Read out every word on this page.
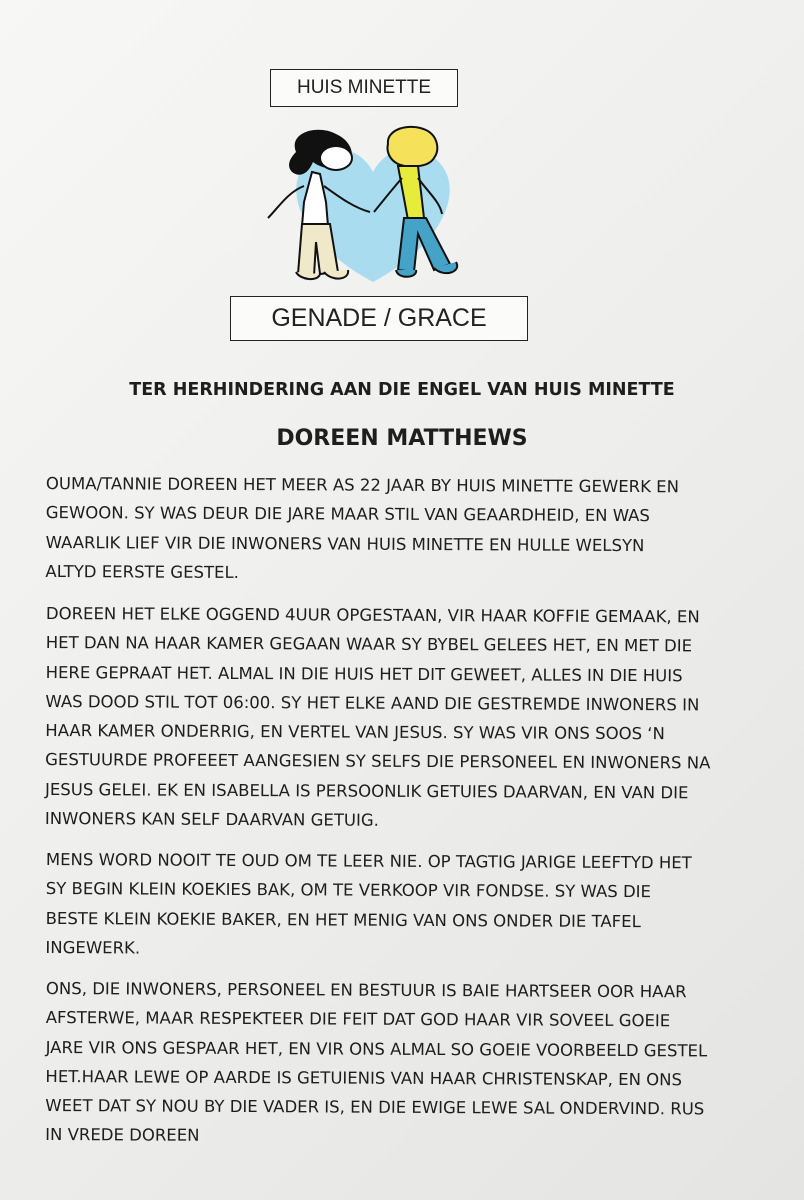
HUIS MINETTE
GENADE / GRACE
TER HERHINDERING AAN DIE ENGEL VAN HUIS MINETTE
DOREEN MATTHEWS

OUMA/TANNIE DOREEN HET MEER AS 22 JAAR BY HUIS MINETTE GEWERK EN
GEWOON. SY WAS DEUR DIE JARE MAAR STIL VAN GEAARDHEID, EN WAS
WAARLIK LIEF VIR DIE INWONERS VAN HUIS MINETTE EN HULLE WELSYN
ALTYD EERSTE GESTEL.

DOREEN HET ELKE OGGEND 4UUR OPGESTAAN, VIR HAAR KOFFIE GEMAAK, EN
HET DAN NA HAAR KAMER GEGAAN WAAR SY BYBEL GELEES HET, EN MET DIE
HERE GEPRAAT HET. ALMAL IN DIE HUIS HET DIT GEWEET, ALLES IN DIE HUIS
WAS DOOD STIL TOT 06:00. SY HET ELKE AAND DIE GESTREMDE INWONERS IN
HAAR KAMER ONDERRIG, EN VERTEL VAN JESUS. SY WAS VIR ONS SOOS ‘N
GESTUURDE PROFEEET AANGESIEN SY SELFS DIE PERSONEEL EN INWONERS NA
JESUS GELEI. EK EN ISABELLA IS PERSOONLIK GETUIES DAARVAN, EN VAN DIE
INWONERS KAN SELF DAARVAN GETUIG.

MENS WORD NOOIT TE OUD OM TE LEER NIE. OP TAGTIG JARIGE LEEFTYD HET
SY BEGIN KLEIN KOEKIES BAK, OM TE VERKOOP VIR FONDSE. SY WAS DIE
BESTE KLEIN KOEKIE BAKER, EN HET MENIG VAN ONS ONDER DIE TAFEL
INGEWERK.

ONS, DIE INWONERS, PERSONEEL EN BESTUUR IS BAIE HARTSEER OOR HAAR
AFSTERWE, MAAR RESPEKTEER DIE FEIT DAT GOD HAAR VIR SOVEEL GOEIE
JARE VIR ONS GESPAAR HET, EN VIR ONS ALMAL SO GOEIE VOORBEELD GESTEL
HET.HAAR LEWE OP AARDE IS GETUIENIS VAN HAAR CHRISTENSKAP, EN ONS
WEET DAT SY NOU BY DIE VADER IS, EN DIE EWIGE LEWE SAL ONDERVIND. RUS
IN VREDE DOREEN
